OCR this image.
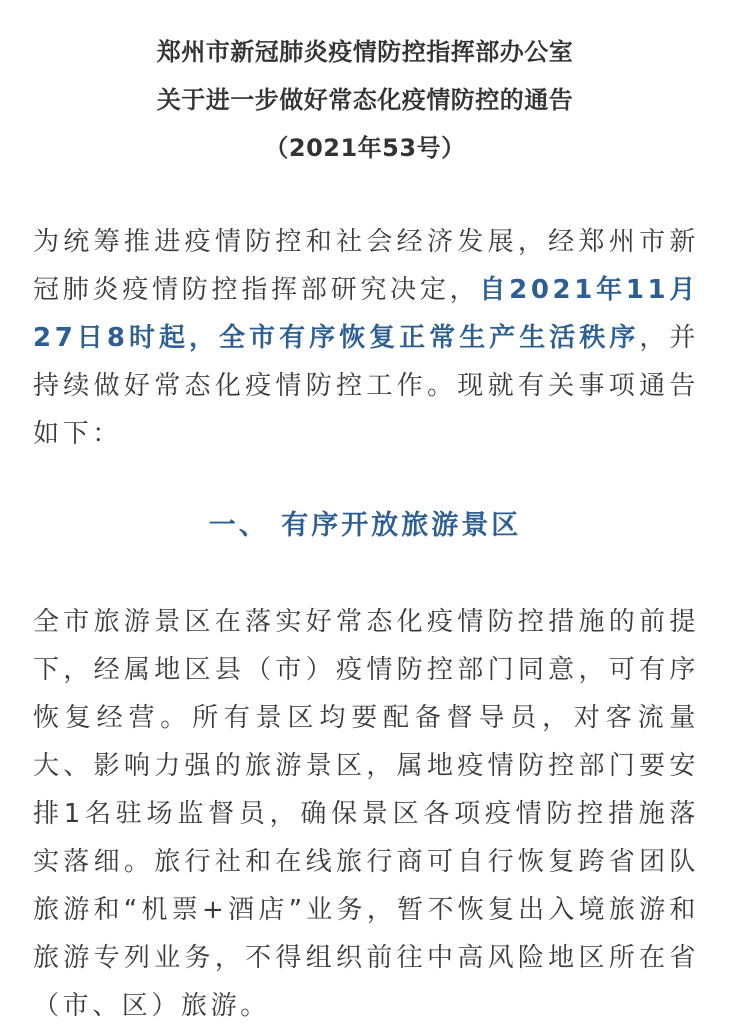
郑州市新冠肺炎疫情防控指挥部办公室
关于进一步做好常态化疫情防控的通告
（2021年53号）
为统筹推进疫情防控和社会经济发展，经郑州市新冠肺炎疫情防控指挥部研究决定，自2021年11月27日8时起，全市有序恢复正常生产生活秩序，并持续做好常态化疫情防控工作。现就有关事项通告如下：
一、 有序开放旅游景区
全市旅游景区在落实好常态化疫情防控措施的前提下，经属地区县（市）疫情防控部门同意，可有序恢复经营。所有景区均要配备督导员，对客流量大、影响力强的旅游景区，属地疫情防控部门要安排1名驻场监督员，确保景区各项疫情防控措施落实落细。旅行社和在线旅行商可自行恢复跨省团队旅游和“机票+酒店”业务，暂不恢复出入境旅游和旅游专列业务，不得组织前往中高风险地区所在省（市、区）旅游。
